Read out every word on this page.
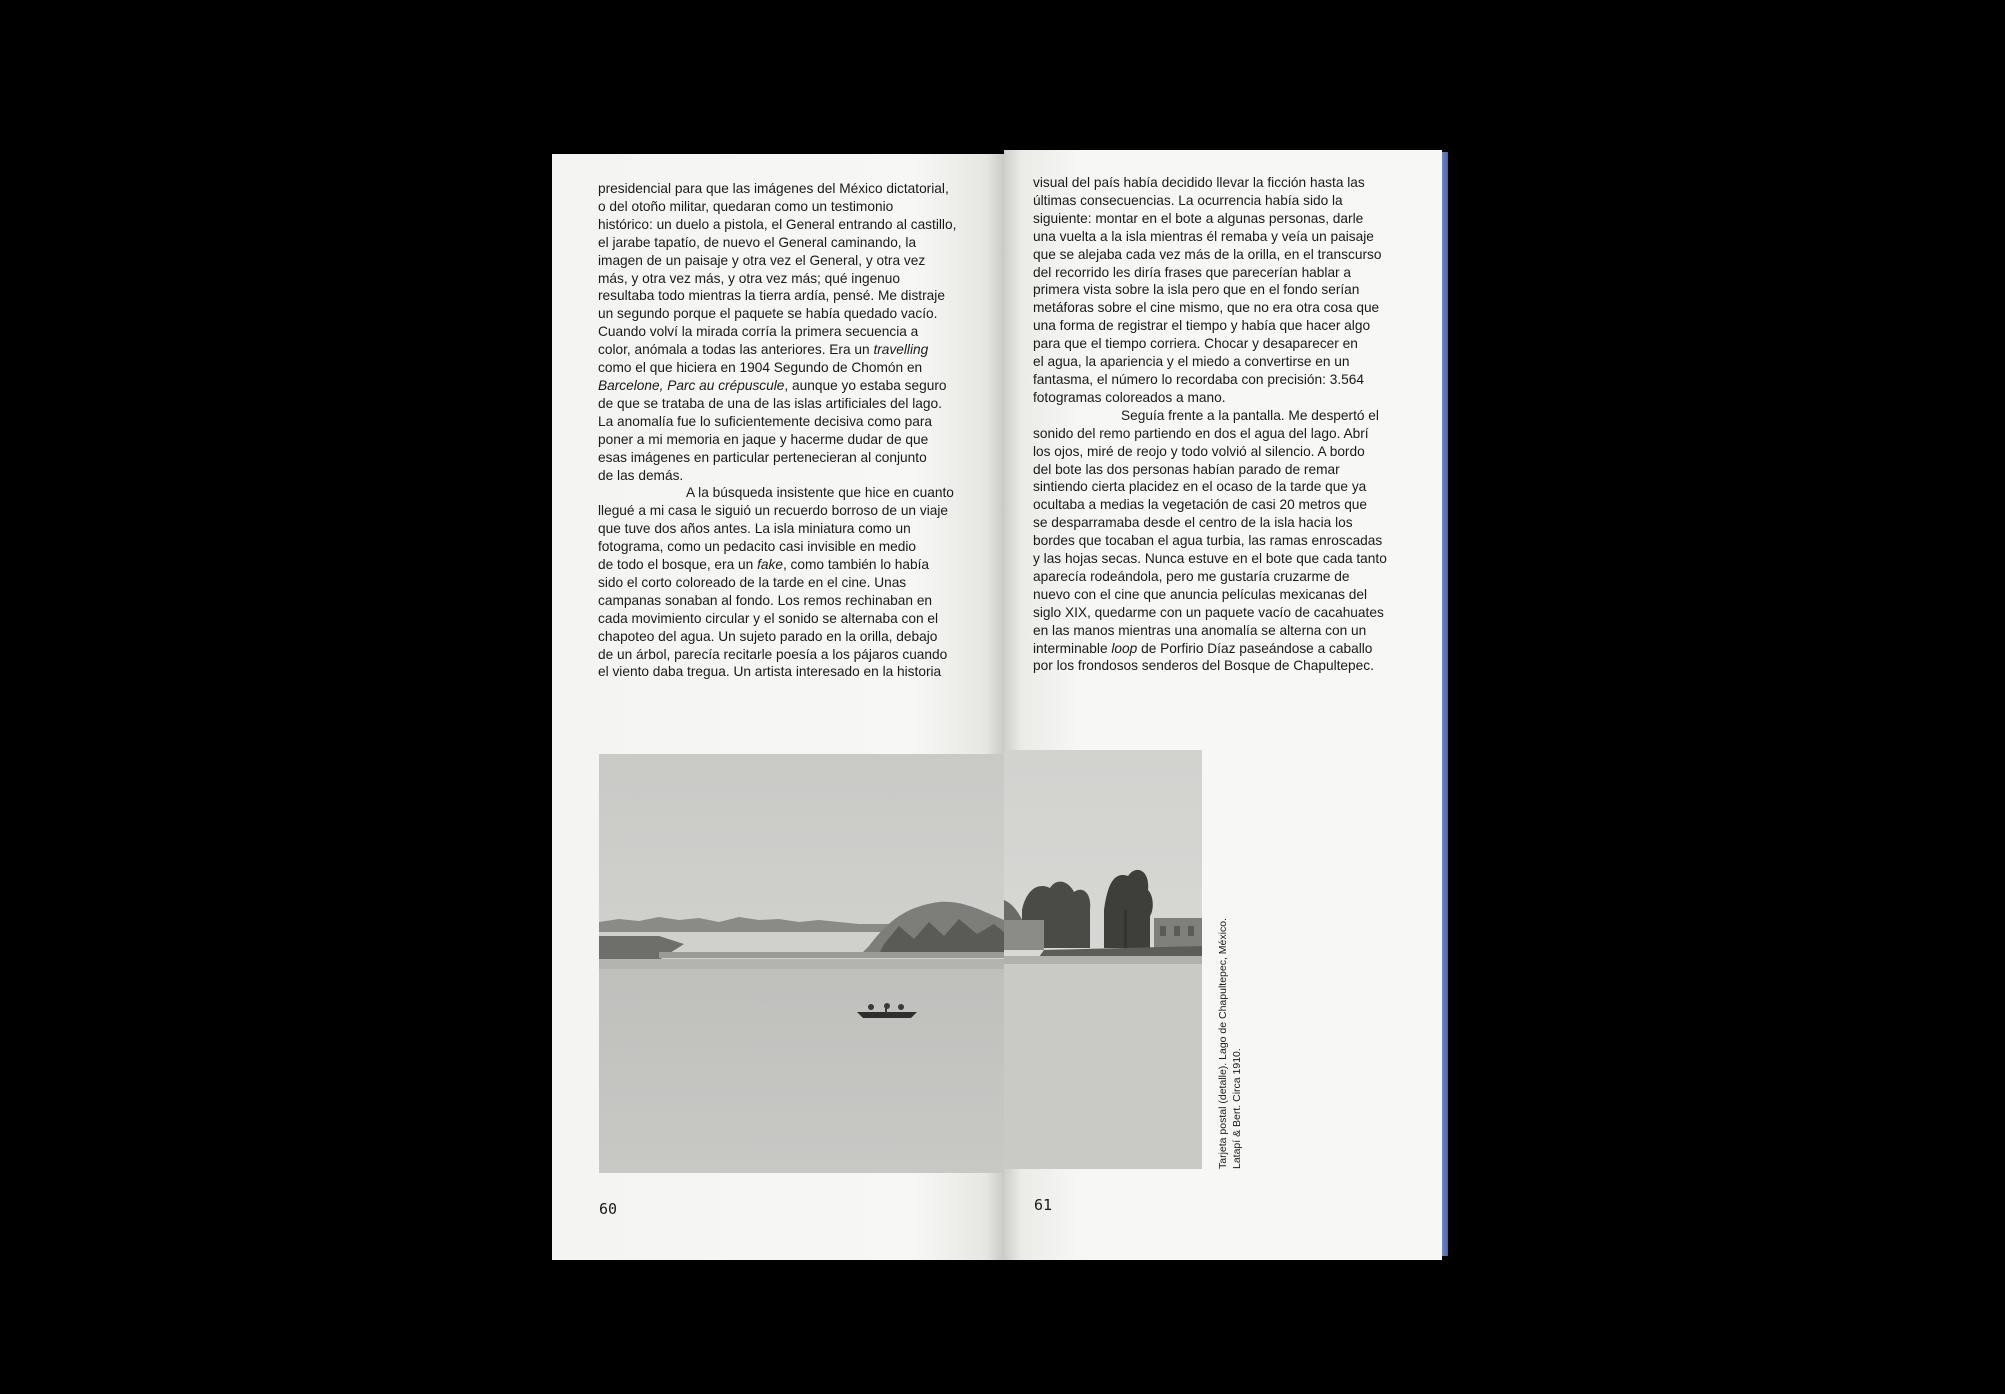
presidencial para que las imágenes del México dictatorial,
o del otoño militar, quedaran como un testimonio
histórico: un duelo a pistola, el General entrando al castillo,
el jarabe tapatío, de nuevo el General caminando, la
imagen de un paisaje y otra vez el General, y otra vez
más, y otra vez más, y otra vez más; qué ingenuo
resultaba todo mientras la tierra ardía, pensé. Me distraje
un segundo porque el paquete se había quedado vacío.
Cuando volví la mirada corría la primera secuencia a
color, anómala a todas las anteriores. Era un travelling
como el que hiciera en 1904 Segundo de Chomón en
Barcelone, Parc au crépuscule, aunque yo estaba seguro
de que se trataba de una de las islas artificiales del lago.
La anomalía fue lo suficientemente decisiva como para
poner a mi memoria en jaque y hacerme dudar de que
esas imágenes en particular pertenecieran al conjunto
de las demás.

A la búsqueda insistente que hice en cuanto
llegué a mi casa le siguió un recuerdo borroso de un viaje
que tuve dos años antes. La isla miniatura como un
fotograma, como un pedacito casi invisible en medio
de todo el bosque, era un fake, como también lo había
sido el corto coloreado de la tarde en el cine. Unas
campanas sonaban al fondo. Los remos rechinaban en
cada movimiento circular y el sonido se alternaba con el
chapoteo del agua. Un sujeto parado en la orilla, debajo
de un árbol, parecía recitarle poesía a los pájaros cuando
el viento daba tregua. Un artista interesado en la historia

60

visual del país había decidido llevar la ficción hasta las
últimas consecuencias. La ocurrencia había sido la
siguiente: montar en el bote a algunas personas, darle
una vuelta a la isla mientras él remaba y veía un paisaje
que se alejaba cada vez más de la orilla, en el transcurso
del recorrido les diría frases que parecerían hablar a
primera vista sobre la isla pero que en el fondo serían
metáforas sobre el cine mismo, que no era otra cosa que
una forma de registrar el tiempo y había que hacer algo
para que el tiempo corriera. Chocar y desaparecer en
el agua, la apariencia y el miedo a convertirse en un
fantasma, el número lo recordaba con precisión: 3.564
fotogramas coloreados a mano.

Seguía frente a la pantalla. Me despertó el
sonido del remo partiendo en dos el agua del lago. Abrí
los ojos, miré de reojo y todo volvió al silencio. A bordo
del bote las dos personas habían parado de remar
sintiendo cierta placidez en el ocaso de la tarde que ya
ocultaba a medias la vegetación de casi 20 metros que
se desparramaba desde el centro de la isla hacia los
bordes que tocaban el agua turbia, las ramas enroscadas
y las hojas secas. Nunca estuve en el bote que cada tanto
aparecía rodeándola, pero me gustaría cruzarme de
nuevo con el cine que anuncia películas mexicanas del
siglo XIX, quedarme con un paquete vacío de cacahuates
en las manos mientras una anomalía se alterna con un
interminable loop de Porfirio Díaz paseándose a caballo
por los frondosos senderos del Bosque de Chapultepec.

Tarjeta postal (detalle). Lago de Chapultepec, México. Latapí & Bert. Circa 1910.
61
